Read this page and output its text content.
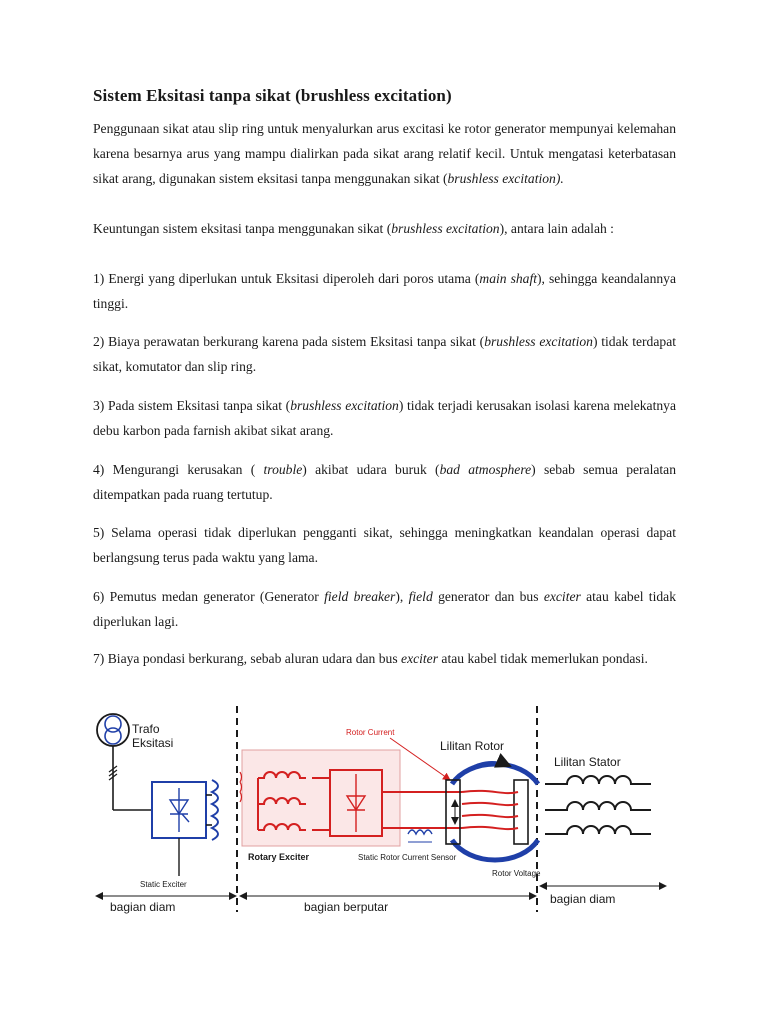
Sistem Eksitasi tanpa sikat (brushless excitation)

Penggunaan sikat atau slip ring untuk menyalurkan arus excitasi ke rotor generator mempunyai kelemahan karena besarnya arus yang mampu dialirkan pada sikat arang relatif kecil. Untuk mengatasi keterbatasan sikat arang, digunakan sistem eksitasi tanpa menggunakan sikat (brushless excitation).

Keuntungan sistem eksitasi tanpa menggunakan sikat (brushless excitation), antara lain adalah :

1) Energi yang diperlukan untuk Eksitasi diperoleh dari poros utama (main shaft), sehingga keandalannya tinggi.

2) Biaya perawatan berkurang karena pada sistem Eksitasi tanpa sikat (brushless excitation) tidak terdapat sikat, komutator dan slip ring.

3) Pada sistem Eksitasi tanpa sikat (brushless excitation) tidak terjadi kerusakan isolasi karena melekatnya debu karbon pada farnish akibat sikat arang.

4) Mengurangi kerusakan ( trouble) akibat udara buruk (bad atmosphere) sebab semua peralatan ditempatkan pada ruang tertutup.

5) Selama operasi tidak diperlukan pengganti sikat, sehingga meningkatkan keandalan operasi dapat berlangsung terus pada waktu yang lama.

6) Pemutus medan generator (Generator field breaker), field generator dan bus exciter atau kabel tidak diperlukan lagi.

7) Biaya pondasi berkurang, sebab aluran udara dan bus exciter atau kabel tidak memerlukan pondasi.

Trafo
Eksitasi
Static Exciter
Rotary Exciter
Rotor Current
Static Rotor Current Sensor
Lilitan Rotor
Rotor Voltage
Lilitan Stator
bagian diam	bagian berputar
bagian diam
